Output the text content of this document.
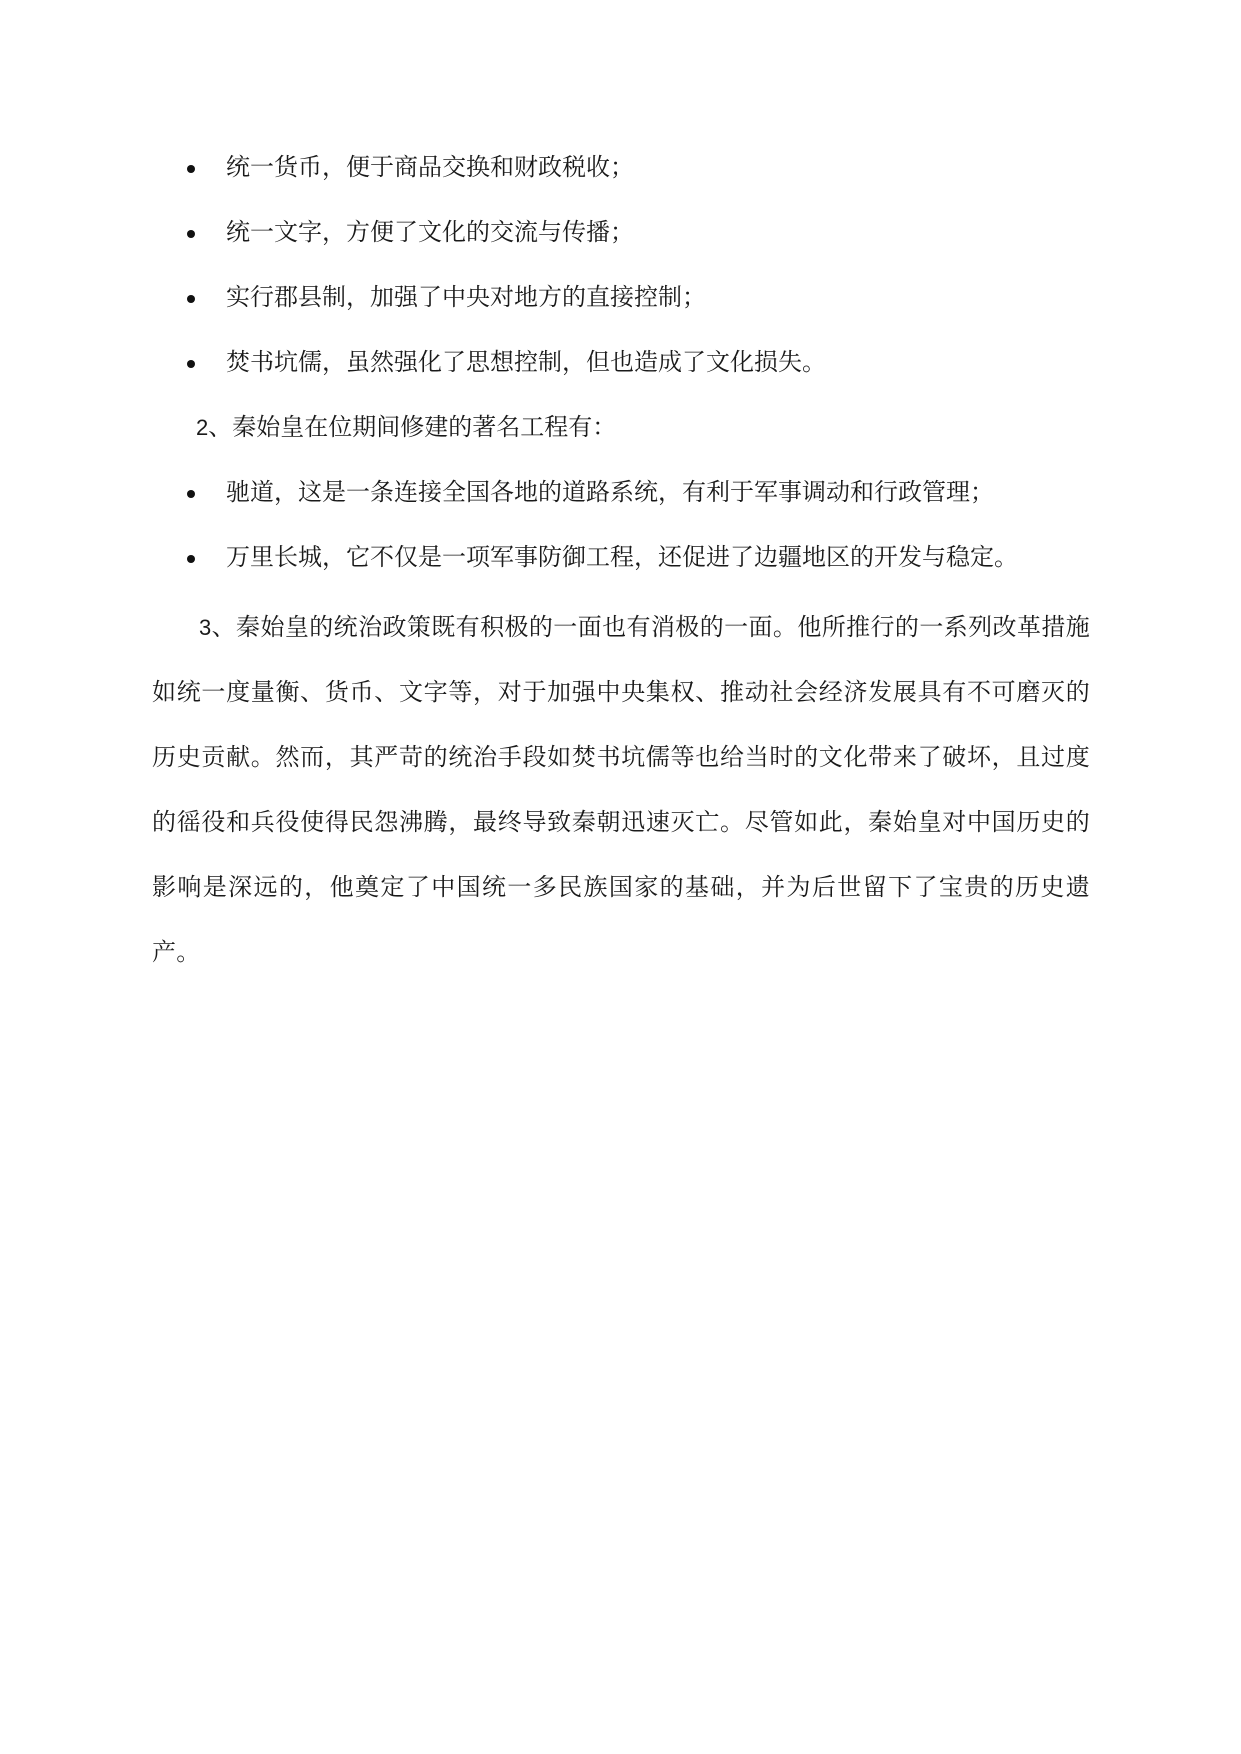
统一货币，便于商品交换和财政税收；
统一文字，方便了文化的交流与传播；
实行郡县制，加强了中央对地方的直接控制；
焚书坑儒，虽然强化了思想控制，但也造成了文化损失。
2、秦始皇在位期间修建的著名工程有：
驰道，这是一条连接全国各地的道路系统，有利于军事调动和行政管理；
万里长城，它不仅是一项军事防御工程，还促进了边疆地区的开发与稳定。

3、秦始皇的统治政策既有积极的一面也有消极的一面。他所推行的一系列改革措施如统一度量衡、货币、文字等，对于加强中央集权、推动社会经济发展具有不可磨灭的历史贡献。然而，其严苛的统治手段如焚书坑儒等也给当时的文化带来了破坏，且过度的徭役和兵役使得民怨沸腾，最终导致秦朝迅速灭亡。尽管如此，秦始皇对中国历史的影响是深远的，他奠定了中国统一多民族国家的基础，并为后世留下了宝贵的历史遗产。
